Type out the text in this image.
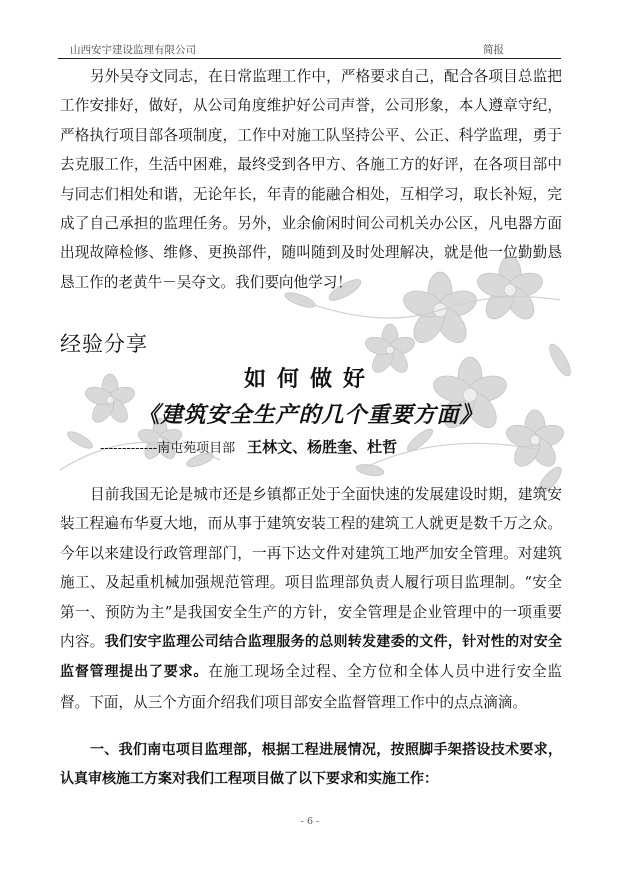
山西安宇建设监理有限公司	简报

另外吴夺文同志，在日常监理工作中，严格要求自己，配合各项目总监把工作安排好，做好，从公司角度维护好公司声誉，公司形象，本人遵章守纪，严格执行项目部各项制度，工作中对施工队坚持公平、公正、科学监理，勇于去克服工作，生活中困难，最终受到各甲方、各施工方的好评，在各项目部中与同志们相处和谐，无论年长，年青的能融合相处，互相学习，取长补短，完成了自己承担的监理任务。另外，业余偷闲时间公司机关办公区，凡电器方面出现故障检修、维修、更换部件，随叫随到及时处理解决，就是他一位勤勤恳恳工作的老黄牛－吴夺文。我们要向他学习！

经验分享
如何做好
《建筑安全生产的几个重要方面》
-------------南屯苑项目部 王林文、杨胜奎、杜哲

目前我国无论是城市还是乡镇都正处于全面快速的发展建设时期，建筑安装工程遍布华夏大地，而从事于建筑安装工程的建筑工人就更是数千万之众。今年以来建设行政管理部门，一再下达文件对建筑工地严加安全管理。对建筑施工、及起重机械加强规范管理。项目监理部负责人履行项目监理制。“安全第一、预防为主”是我国安全生产的方针，安全管理是企业管理中的一项重要内容。我们安宇监理公司结合监理服务的总则转发建委的文件，针对性的对安全监督管理提出了要求。在施工现场全过程、全方位和全体人员中进行安全监督。下面，从三个方面介绍我们项目部安全监督管理工作中的点点滴滴。

一、我们南屯项目监理部，根据工程进展情况，按照脚手架搭设技术要求，认真审核施工方案对我们工程项目做了以下要求和实施工作：

- 6 -
